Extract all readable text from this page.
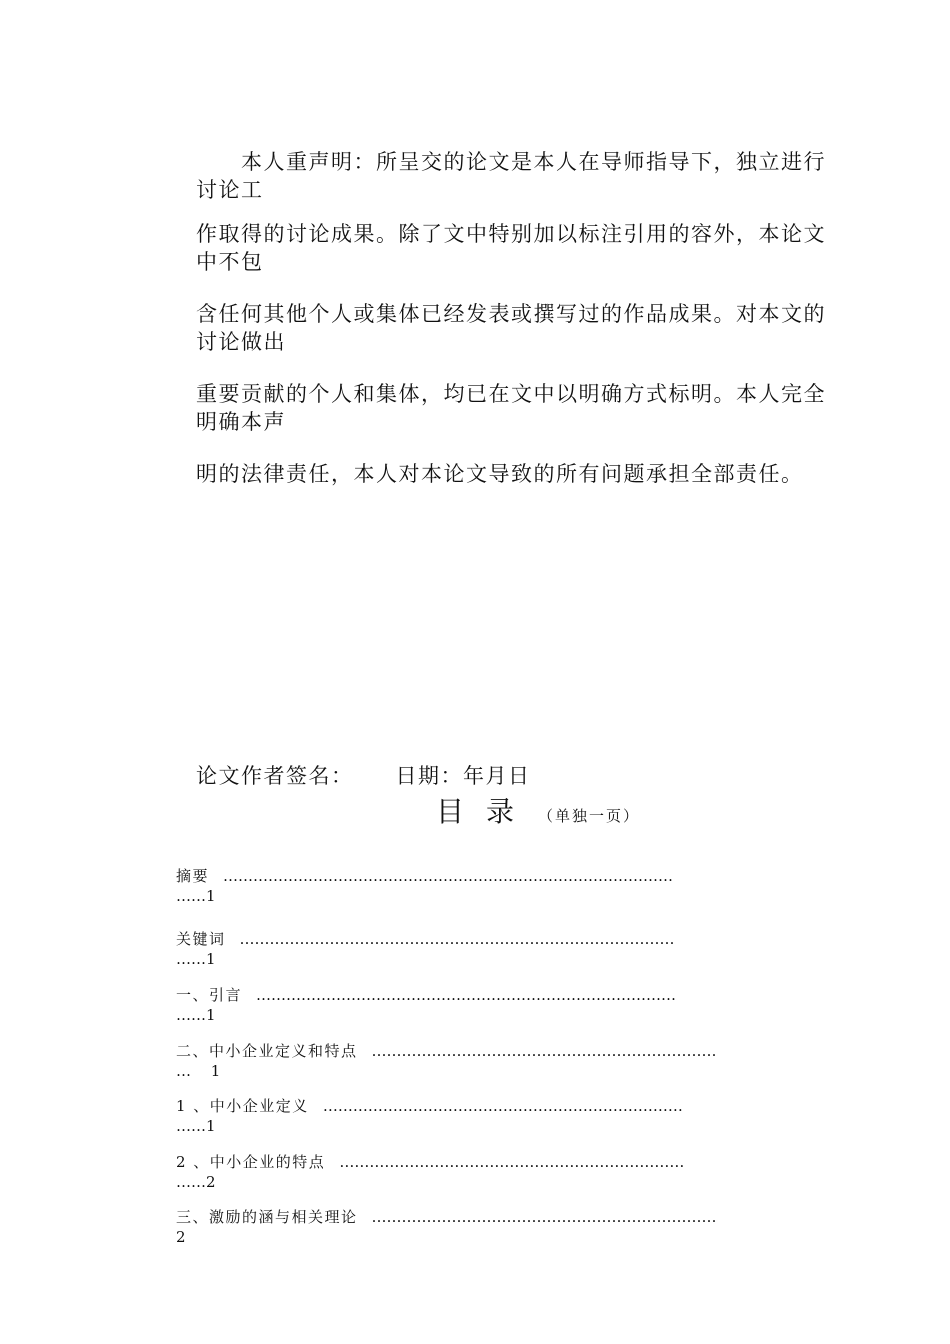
　　本人重声明：所呈交的论文是本人在导师指导下，独立进行
讨论工
作取得的讨论成果。除了文中特别加以标注引用的容外，本论文
中不包
含任何其他个人或集体已经发表或撰写过的作品成果。对本文的
讨论做出
重要贡献的个人和集体，均已在文中以明确方式标明。本人完全
明确本声
明的法律责任，本人对本论文导致的所有问题承担全部责任。
论文作者签名： 日期：年月日
目录 （单独一页）
摘要 ………………………………………………………………………………
……1
关键词 ……………………………………………………………………………
……1
一、引言 …………………………………………………………………………
……1
二、中小企业定义和特点 ……………………………………………………………
…　 1
1 、中小企业定义 ………………………………………………………………
……1
2 、中小企业的特点 ……………………………………………………………
……2
三、激励的涵与相关理论 ……………………………………………………………
2
